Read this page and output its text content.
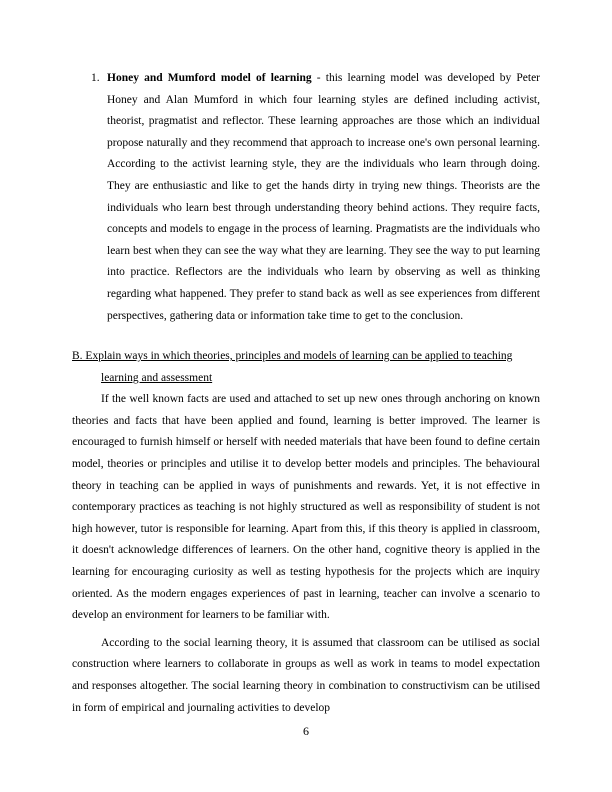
1. Honey and Mumford model of learning - this learning model was developed by Peter Honey and Alan Mumford in which four learning styles are defined including activist, theorist, pragmatist and reflector. These learning approaches are those which an individual propose naturally and they recommend that approach to increase one's own personal learning. According to the activist learning style, they are the individuals who learn through doing. They are enthusiastic and like to get the hands dirty in trying new things. Theorists are the individuals who learn best through understanding theory behind actions. They require facts, concepts and models to engage in the process of learning. Pragmatists are the individuals who learn best when they can see the way what they are learning. They see the way to put learning into practice. Reflectors are the individuals who learn by observing as well as thinking regarding what happened. They prefer to stand back as well as see experiences from different perspectives, gathering data or information take time to get to the conclusion.
B. Explain ways in which theories, principles and models of learning can be applied to teaching learning and assessment

If the well known facts are used and attached to set up new ones through anchoring on known theories and facts that have been applied and found, learning is better improved. The learner is encouraged to furnish himself or herself with needed materials that have been found to define certain model, theories or principles and utilise it to develop better models and principles. The behavioural theory in teaching can be applied in ways of punishments and rewards. Yet, it is not effective in contemporary practices as teaching is not highly structured as well as responsibility of student is not high however, tutor is responsible for learning. Apart from this, if this theory is applied in classroom, it doesn't acknowledge differences of learners. On the other hand, cognitive theory is applied in the learning for encouraging curiosity as well as testing hypothesis for the projects which are inquiry oriented. As the modern engages experiences of past in learning, teacher can involve a scenario to develop an environment for learners to be familiar with.

According to the social learning theory, it is assumed that classroom can be utilised as social construction where learners to collaborate in groups as well as work in teams to model expectation and responses altogether. The social learning theory in combination to constructivism can be utilised in form of empirical and journaling activities to develop

6
